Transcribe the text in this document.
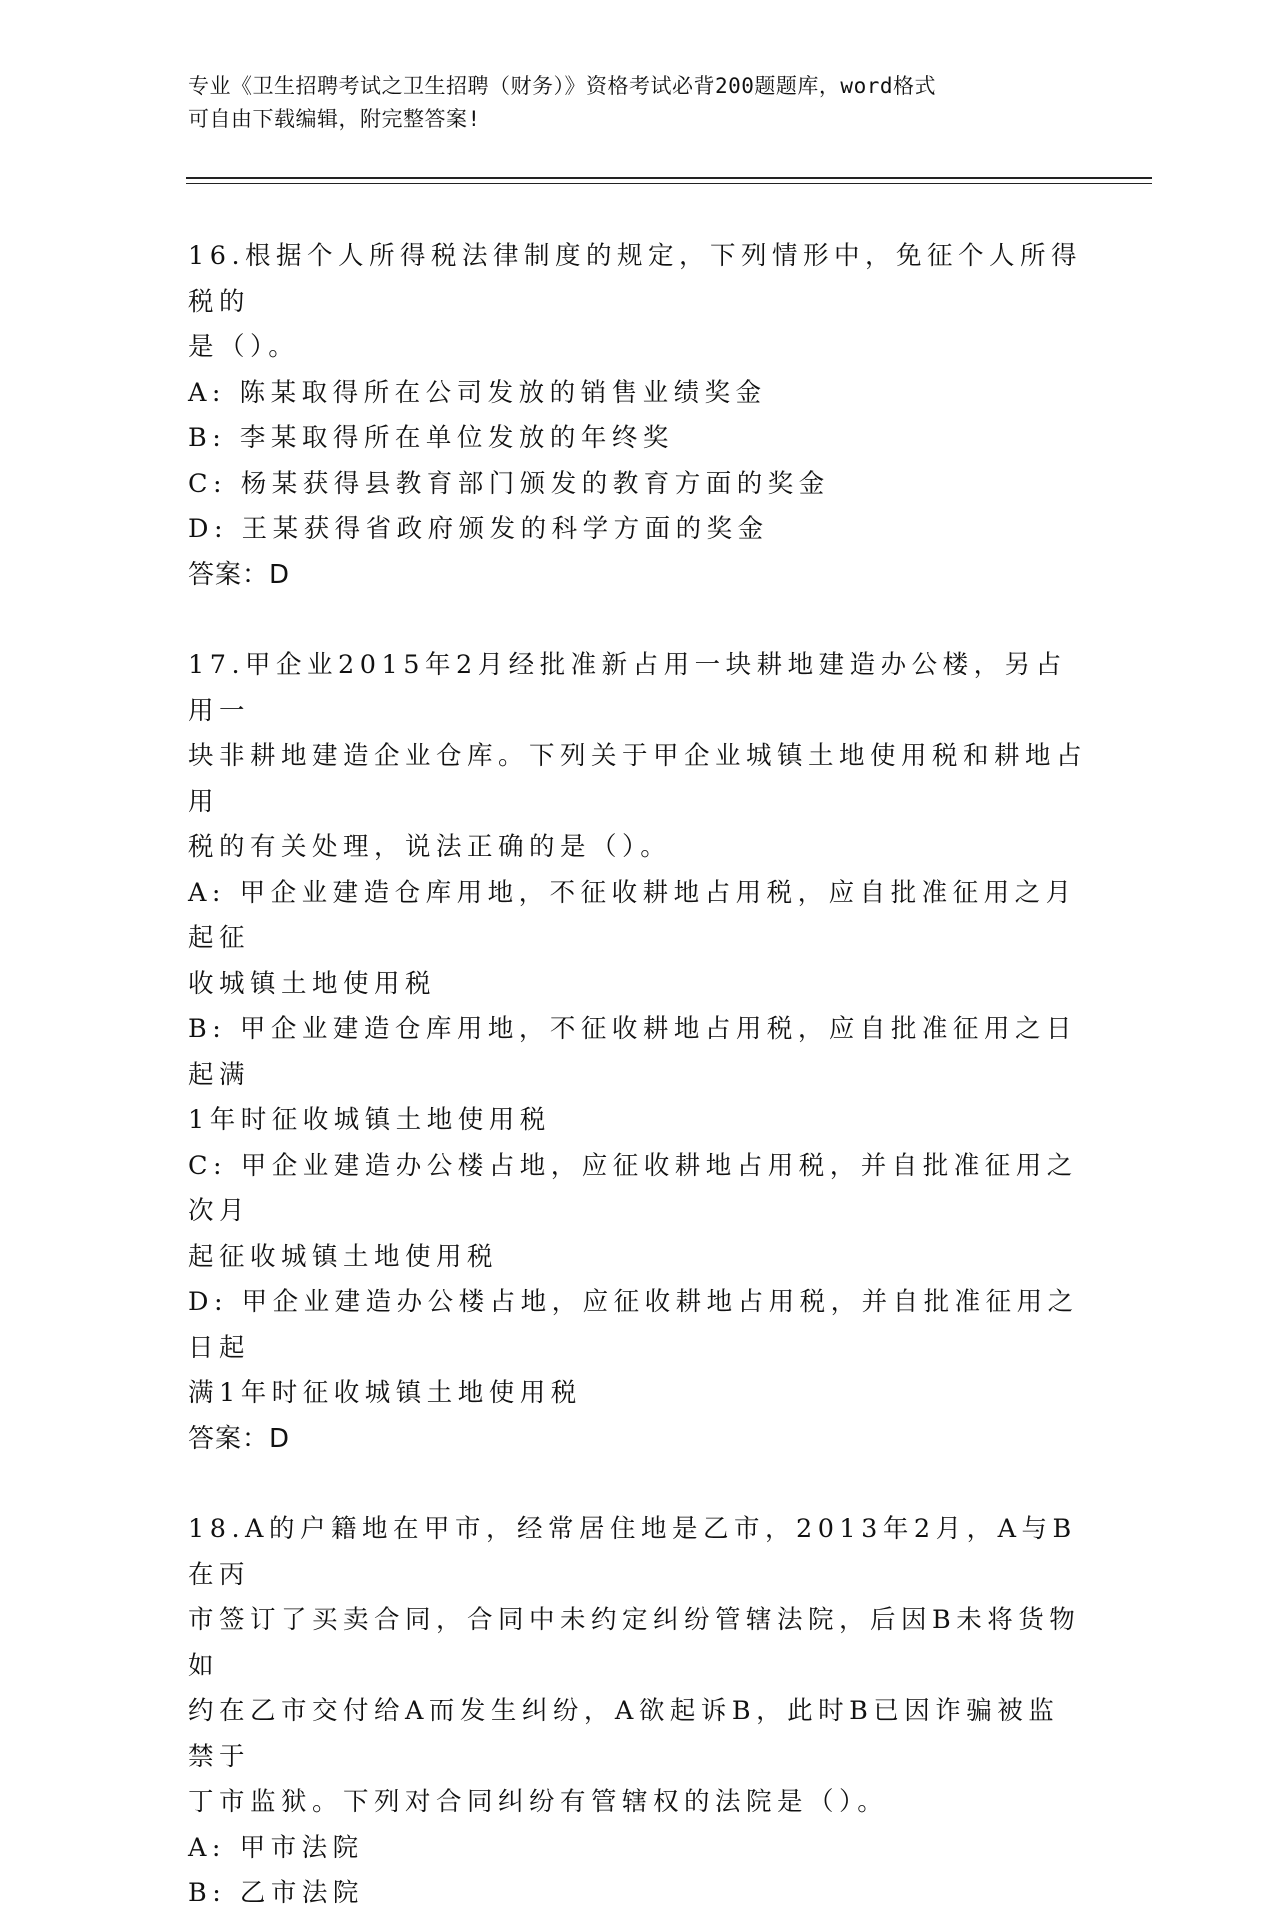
专业《卫生招聘考试之卫生招聘（财务）》资格考试必背200题题库，word格式
可自由下载编辑，附完整答案!
16.根据个人所得税法律制度的规定，下列情形中，免征个人所得税的
是（）。
A: 陈某取得所在公司发放的销售业绩奖金
B: 李某取得所在单位发放的年终奖
C: 杨某获得县教育部门颁发的教育方面的奖金
D: 王某获得省政府颁发的科学方面的奖金
答案：D
17.甲企业2015年2月经批准新占用一块耕地建造办公楼，另占用一
块非耕地建造企业仓库。下列关于甲企业城镇土地使用税和耕地占用
税的有关处理，说法正确的是（）。
A: 甲企业建造仓库用地，不征收耕地占用税，应自批准征用之月起征
收城镇土地使用税
B: 甲企业建造仓库用地，不征收耕地占用税，应自批准征用之日起满
1年时征收城镇土地使用税
C: 甲企业建造办公楼占地，应征收耕地占用税，并自批准征用之次月
起征收城镇土地使用税
D: 甲企业建造办公楼占地，应征收耕地占用税，并自批准征用之日起
满1年时征收城镇土地使用税
答案：D
18.A的户籍地在甲市，经常居住地是乙市，2013年2月，A与B在丙
市签订了买卖合同，合同中未约定纠纷管辖法院，后因B未将货物如
约在乙市交付给A而发生纠纷，A欲起诉B，此时B已因诈骗被监禁于
丁市监狱。下列对合同纠纷有管辖权的法院是（）。
A: 甲市法院
B: 乙市法院
